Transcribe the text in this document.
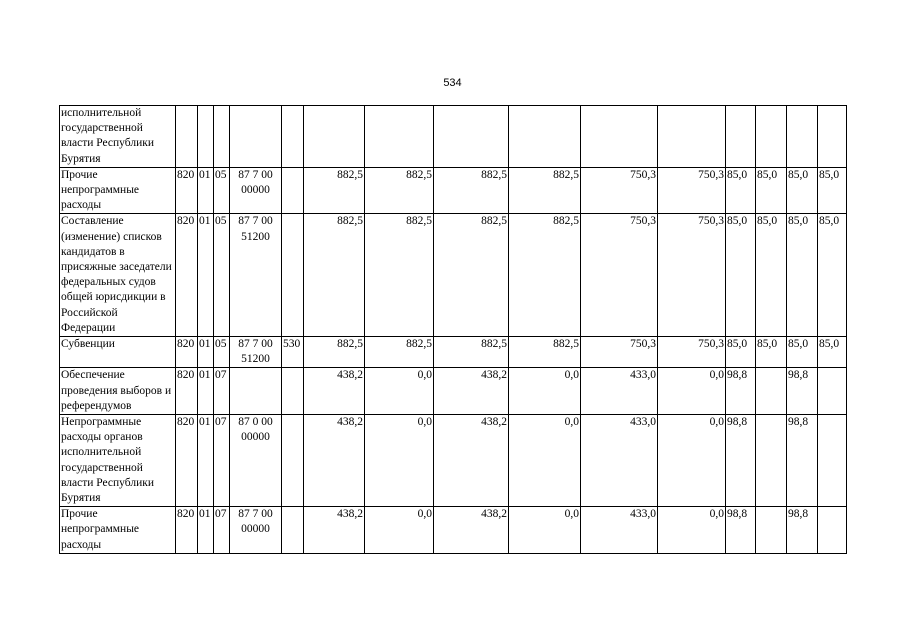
534
исполнительной государственной власти Республики Бурятия															
Прочие непрограммные расходы	820	01	05	87 7 00 00000		882,5	882,5	882,5	882,5	750,3	750,3	85,0	85,0	85,0	85,0
Составление (изменение) списков кандидатов в присяжные заседатели федеральных судов общей юрисдикции в Российской Федерации	820	01	05	87 7 00 51200		882,5	882,5	882,5	882,5	750,3	750,3	85,0	85,0	85,0	85,0
Субвенции	820	01	05	87 7 00 51200	530	882,5	882,5	882,5	882,5	750,3	750,3	85,0	85,0	85,0	85,0
Обеспечение проведения выборов и референдумов	820	01	07			438,2	0,0	438,2	0,0	433,0	0,0	98,8		98,8	
Непрограммные расходы органов исполнительной государственной власти Республики Бурятия	820	01	07	87 0 00 00000		438,2	0,0	438,2	0,0	433,0	0,0	98,8		98,8	
Прочие непрограммные расходы	820	01	07	87 7 00 00000		438,2	0,0	438,2	0,0	433,0	0,0	98,8		98,8	
